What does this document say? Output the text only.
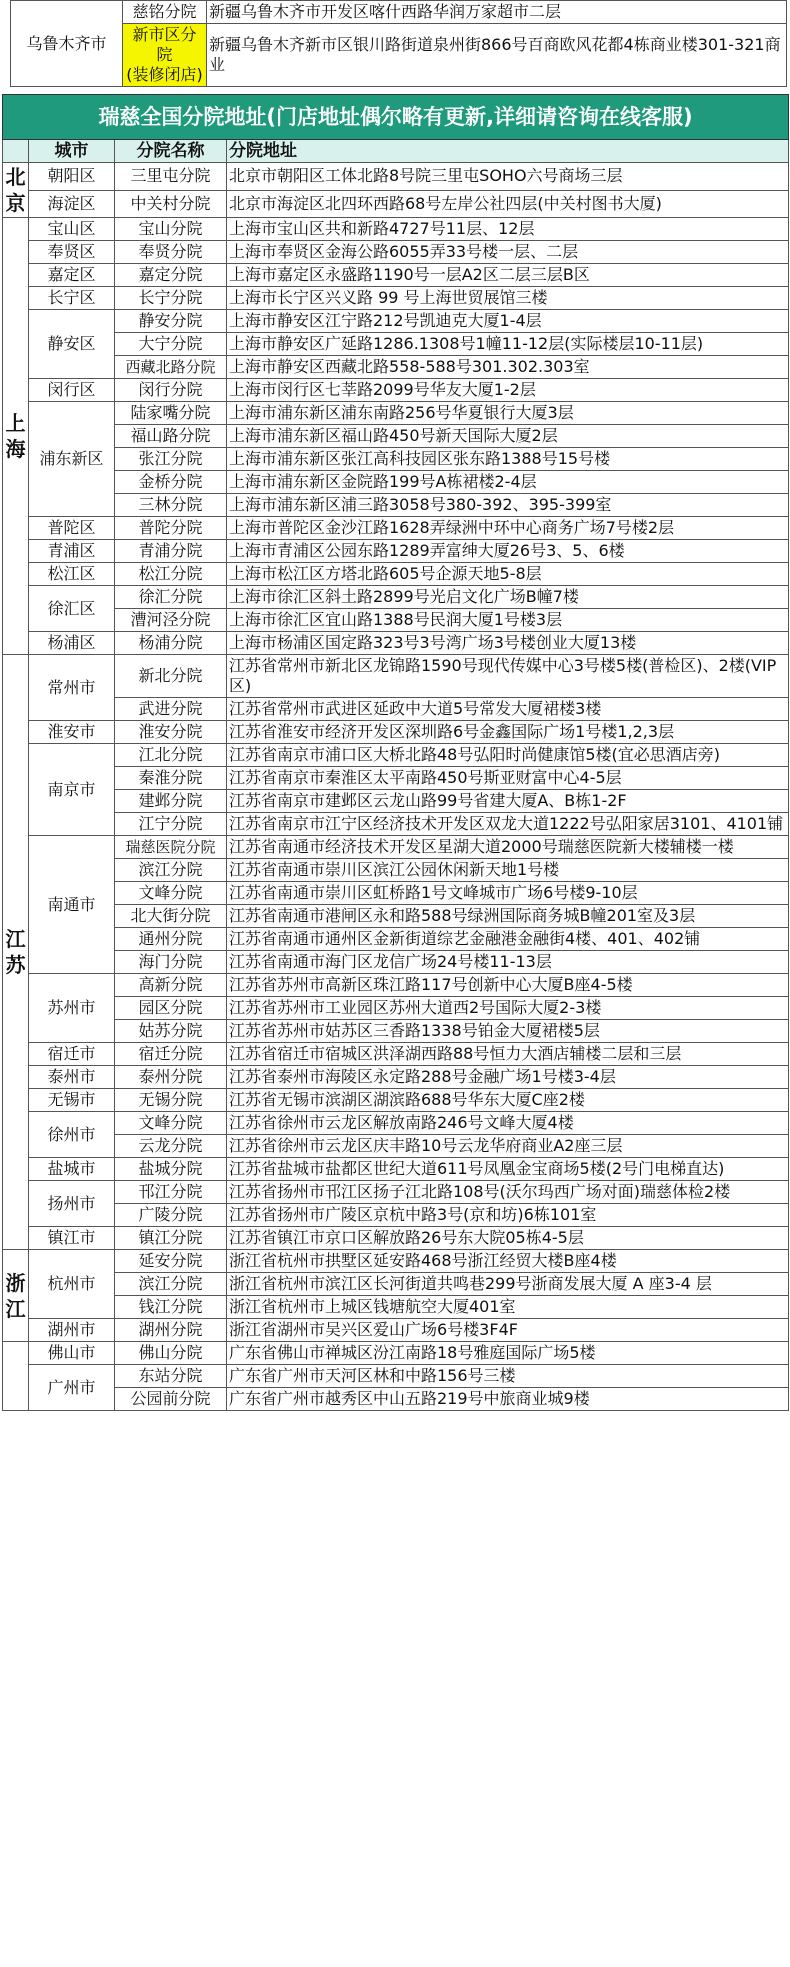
乌鲁木齐市	慈铭分院	新疆乌鲁木齐市开发区喀什西路华润万家超市二层

	新市区分院
(装修闭店)	新疆乌鲁木齐新市区银川路街道泉州街866号百商欧风花都4栋商业楼301-321商业
瑞慈全国分院地址(门店地址偶尔略有更新,详细请咨询在线客服)			
	城市	分院名称	分院地址
北京	朝阳区	三里屯分院	北京市朝阳区工体北路8号院三里屯SOHO六号商场三层
	海淀区	中关村分院	北京市海淀区北四环西路68号左岸公社四层(中关村图书大厦)
上海	宝山区	宝山分院	上海市宝山区共和新路4727号11层、12层
	奉贤区	奉贤分院	上海市奉贤区金海公路6055弄33号楼一层、二层
	嘉定区	嘉定分院	上海市嘉定区永盛路1190号一层A2区二层三层B区
	长宁区	长宁分院	上海市长宁区兴义路 99 号上海世贸展馆三楼
	静安区	静安分院	上海市静安区江宁路212号凯迪克大厦1-4层
		大宁分院	上海市静安区广延路1286.1308号1幢11-12层(实际楼层10-11层)
		西藏北路分院	上海市静安区西藏北路558-588号301.302.303室
	闵行区	闵行分院	上海市闵行区七莘路2099号华友大厦1-2层
	浦东新区	陆家嘴分院	上海市浦东新区浦东南路256号华夏银行大厦3层
		福山路分院	上海市浦东新区福山路450号新天国际大厦2层
		张江分院	上海市浦东新区张江高科技园区张东路1388号15号楼
		金桥分院	上海市浦东新区金院路199号A栋裙楼2-4层
		三林分院	上海市浦东新区浦三路3058号380-392、395-399室
	普陀区	普陀分院	上海市普陀区金沙江路1628弄绿洲中环中心商务广场7号楼2层
	青浦区	青浦分院	上海市青浦区公园东路1289弄富绅大厦26号3、5、6楼
	松江区	松江分院	上海市松江区方塔北路605号企源天地5-8层
	徐汇区	徐汇分院	上海市徐汇区斜土路2899号光启文化广场B幢7楼
		漕河泾分院	上海市徐汇区宜山路1388号民润大厦1号楼3层
	杨浦区	杨浦分院	上海市杨浦区国定路323号3号湾广场3号楼创业大厦13楼
江苏	常州市	新北分院	江苏省常州市新北区龙锦路1590号现代传媒中心3号楼5楼(普检区)、2楼(VIP区)
		武进分院	江苏省常州市武进区延政中大道5号常发大厦裙楼3楼
	淮安市	淮安分院	江苏省淮安市经济开发区深圳路6号金鑫国际广场1号楼1,2,3层
	南京市	江北分院	江苏省南京市浦口区大桥北路48号弘阳时尚健康馆5楼(宜必思酒店旁)
		秦淮分院	江苏省南京市秦淮区太平南路450号斯亚财富中心4-5层
		建邺分院	江苏省南京市建邺区云龙山路99号省建大厦A、B栋1-2F
		江宁分院	江苏省南京市江宁区经济技术开发区双龙大道1222号弘阳家居3101、4101铺
	南通市	瑞慈医院分院	江苏省南通市经济技术开发区星湖大道2000号瑞慈医院新大楼辅楼一楼
		滨江分院	江苏省南通市崇川区滨江公园休闲新天地1号楼
		文峰分院	江苏省南通市崇川区虹桥路1号文峰城市广场6号楼9-10层
		北大街分院	江苏省南通市港闸区永和路588号绿洲国际商务城B幢201室及3层
		通州分院	江苏省南通市通州区金新街道综艺金融港金融街4楼、401、402铺
		海门分院	江苏省南通市海门区龙信广场24号楼11-13层
	苏州市	高新分院	江苏省苏州市高新区珠江路117号创新中心大厦B座4-5楼
		园区分院	江苏省苏州市工业园区苏州大道西2号国际大厦2-3楼
		姑苏分院	江苏省苏州市姑苏区三香路1338号铂金大厦裙楼5层
	宿迁市	宿迁分院	江苏省宿迁市宿城区洪泽湖西路88号恒力大酒店辅楼二层和三层
	泰州市	泰州分院	江苏省泰州市海陵区永定路288号金融广场1号楼3-4层
	无锡市	无锡分院	江苏省无锡市滨湖区湖滨路688号华东大厦C座2楼
	徐州市	文峰分院	江苏省徐州市云龙区解放南路246号文峰大厦4楼
		云龙分院	江苏省徐州市云龙区庆丰路10号云龙华府商业A2座三层
	盐城市	盐城分院	江苏省盐城市盐都区世纪大道611号凤凰金宝商场5楼(2号门电梯直达)
	扬州市	邗江分院	江苏省扬州市邗江区扬子江北路108号(沃尔玛西广场对面)瑞慈体检2楼
		广陵分院	江苏省扬州市广陵区京杭中路3号(京和坊)6栋101室
	镇江市	镇江分院	江苏省镇江市京口区解放路26号东大院05栋4-5层
浙江	杭州市	延安分院	浙江省杭州市拱墅区延安路468号浙江经贸大楼B座4楼
		滨江分院	浙江省杭州市滨江区长河街道共鸣巷299号浙商发展大厦 A 座3-4 层
		钱江分院	浙江省杭州市上城区钱塘航空大厦401室
	湖州市	湖州分院	浙江省湖州市吴兴区爱山广场6号楼3F4F
	佛山市	佛山分院	广东省佛山市禅城区汾江南路18号雅庭国际广场5楼
	广州市	东站分院	广东省广州市天河区林和中路156号三楼
		公园前分院	广东省广州市越秀区中山五路219号中旅商业城9楼
